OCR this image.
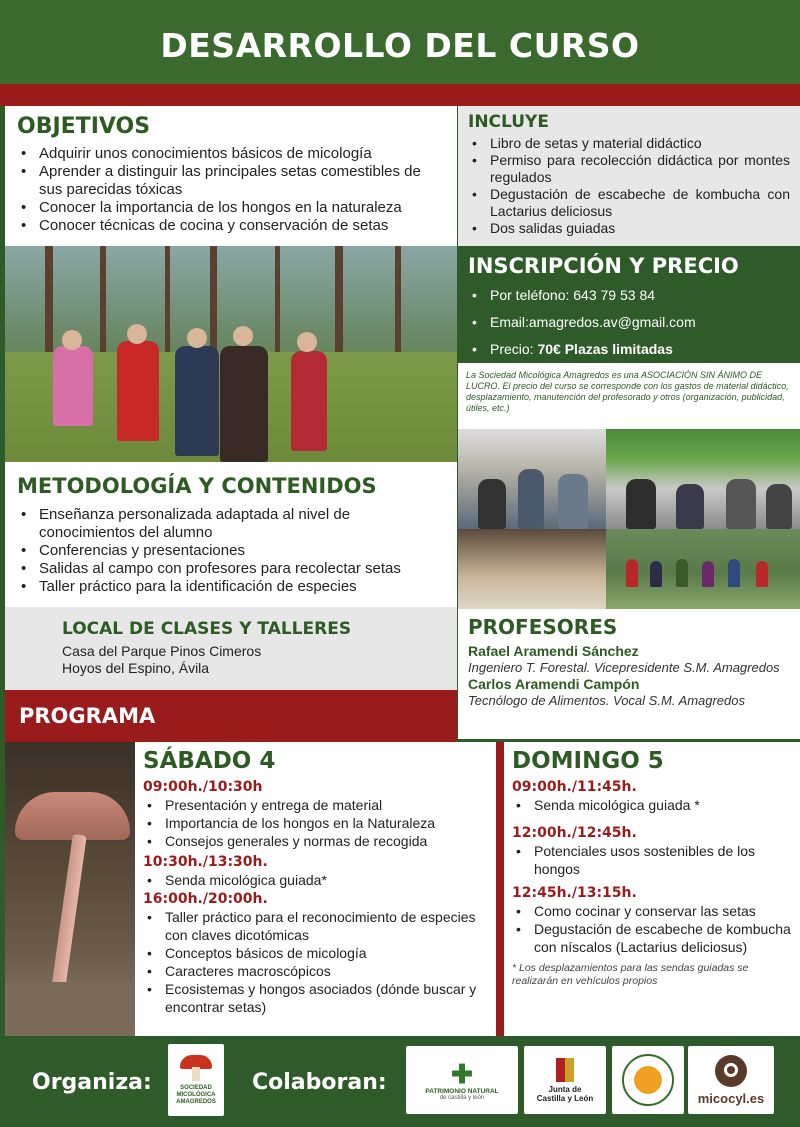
DESARROLLO DEL CURSO
OBJETIVOS
• Adquirir unos conocimientos básicos de micología
• Aprender a distinguir las principales setas comestibles de sus parecidas tóxicas
• Conocer la importancia de los hongos en la naturaleza
• Conocer técnicas de cocina y conservación de setas
INCLUYE
• Libro de setas y material didáctico
• Permiso para recolección didáctica por montes regulados
• Degustación de escabeche de kombucha con Lactarius deliciosus
• Dos salidas guiadas
INSCRIPCIÓN Y PRECIO
• Por teléfono: 643 79 53 84
• Email:amagredos.av@gmail.com
• Precio: 70€ Plazas limitadas
La Sociedad Micológica Amagredos es una ASOCIACIÓN SIN ÁNIMO DE LUCRO. El precio del curso se corresponde con los gastos de material didáctico, desplazamiento, manutención del profesorado y otros (organización, publicidad, útiles, etc.)
METODOLOGÍA Y CONTENIDOS
• Enseñanza personalizada adaptada al nivel de conocimientos del alumno
• Conferencias y presentaciones
• Salidas al campo con profesores para recolectar setas
• Taller práctico para la identificación de especies
LOCAL DE CLASES Y TALLERES
Casa del Parque Pinos Cimeros
Hoyos del Espino, Ávila
PROFESORES
Rafael Aramendi Sánchez
Ingeniero T. Forestal. Vicepresidente S.M. Amagredos
Carlos Aramendi Campón
Tecnólogo de Alimentos. Vocal S.M. Amagredos
PROGRAMA
SÁBADO 4
09:00h./10:30h
• Presentación y entrega de material
• Importancia de los hongos en la Naturaleza
• Consejos generales y normas de recogida
10:30h./13:30h.
• Senda micológica guiada*
16:00h./20:00h.
• Taller práctico para el reconocimiento de especies con claves dicotómicas
• Conceptos básicos de micología
• Caracteres macroscópicos
• Ecosistemas y hongos asociados (dónde buscar y encontrar setas)
DOMINGO 5
09:00h./11:45h.
• Senda micológica guiada *
12:00h./12:45h.
• Potenciales usos sostenibles de los hongos
12:45h./13:15h.
• Como cocinar y conservar las setas
• Degustación de escabeche de kombucha con níscalos (Lactarius deliciosus)
* Los desplazamientos para las sendas guiadas se realizarán en vehículos propios
Organiza:	SOCIEDAD MICOLÓGICA AMAGREDOS
Colaboran: ✚
PATRIMONIO NATURAL
de castilla y león
Junta de
Castilla y León	micocyl.es
